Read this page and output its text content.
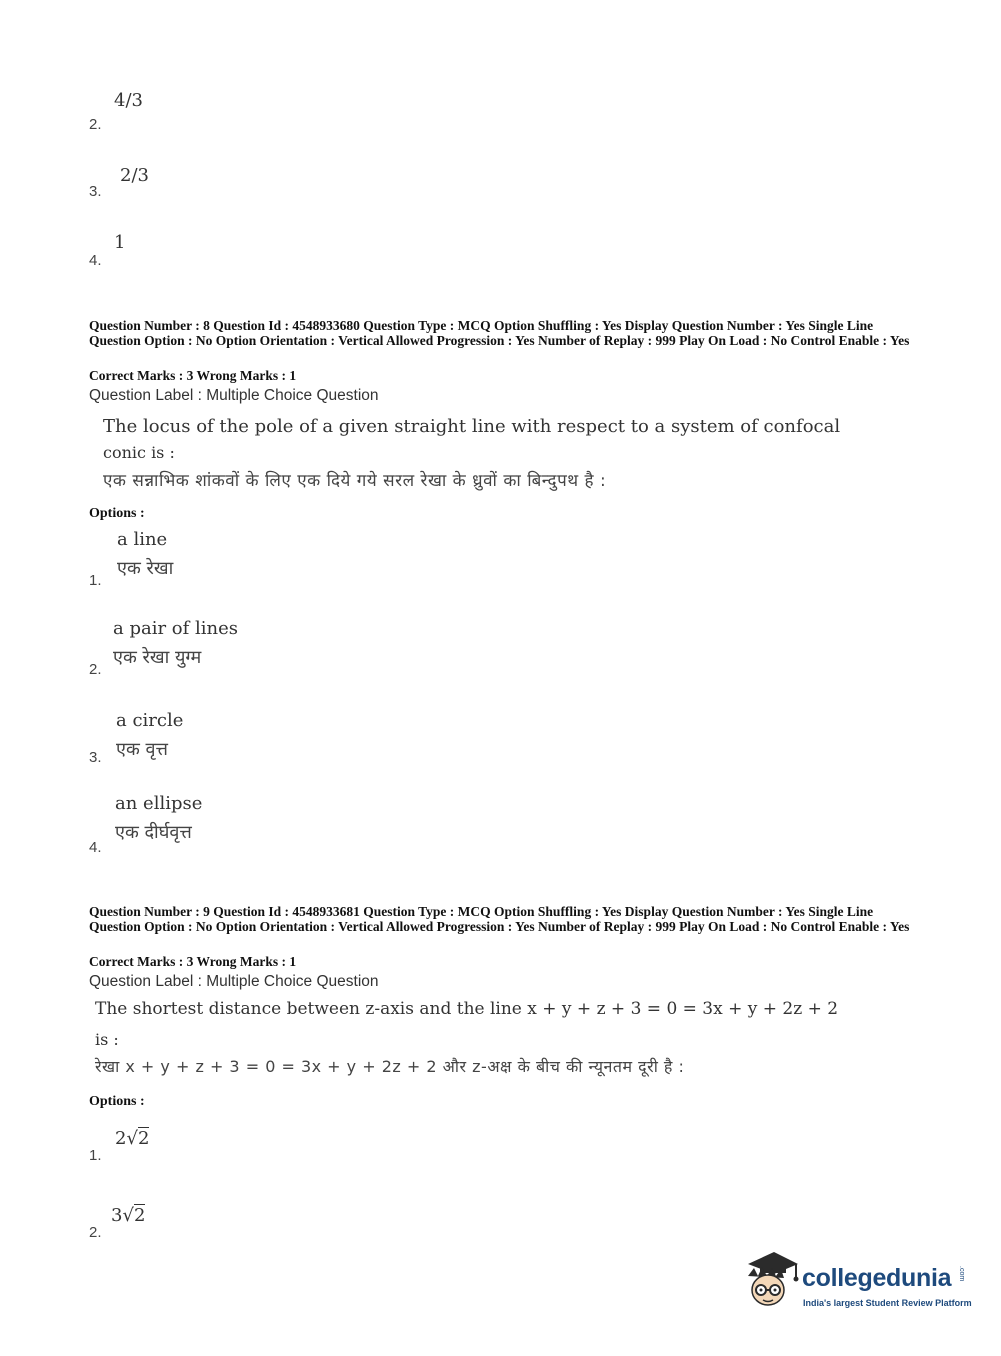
4/3
2.
2/3
3.
1
4.
Question Number : 8 Question Id : 4548933680 Question Type : MCQ Option Shuffling : Yes Display Question Number : Yes Single Line Question Option : No Option Orientation : Vertical Allowed Progression : Yes Number of Replay : 999 Play On Load : No Control Enable : Yes
Correct Marks : 3 Wrong Marks : 1
Question Label : Multiple Choice Question
The locus of the pole of a given straight line with respect to a system of confocal
conic is :
एक सन्नाभिक शांकवों के लिए एक दिये गये सरल रेखा के ध्रुवों का बिन्दुपथ है :
Options :
a line
एक रेखा
1.
a pair of lines
एक रेखा युग्म
2.
a circle
एक वृत्त
3.
an ellipse
एक दीर्घवृत्त
4.
Question Number : 9 Question Id : 4548933681 Question Type : MCQ Option Shuffling : Yes Display Question Number : Yes Single Line Question Option : No Option Orientation : Vertical Allowed Progression : Yes Number of Replay : 999 Play On Load : No Control Enable : Yes
Correct Marks : 3 Wrong Marks : 1
Question Label : Multiple Choice Question
The shortest distance between z-axis and the line x + y + z + 3 = 0 = 3x + y + 2z + 2
is :
रेखा x + y + z + 3 = 0 = 3x + y + 2z + 2 और z-अक्ष के बीच की न्यूनतम दूरी है :
Options :
2√2
1.
3√2
2.
collegedunia .com
India's largest Student Review Platform
